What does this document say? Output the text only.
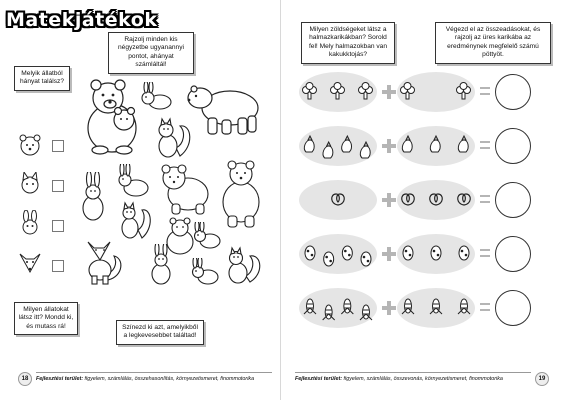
Matekjátékok
Rajzolj minden kis négyzetbe ugyanannyi pontot, ahányat számláltál!
Melyik állatból hányat találsz?
Milyen állatokat látsz itt? Mondd ki, és mutass rá!	Színezd ki azt, amelyikből a legkevesebbet találtad!
18	Fejlesztési terület: figyelem, számlálás, összehasonlítás, környezetismeret, finommotorika
Milyen zöldségeket látsz a halmazkarikákban? Sorold fel! Mely halmazokban van kakukktojás?
Végezd el az összeadásokat, és rajzolj az üres karikába az eredménynek megfelelő számú pöttyöt.
Fejlesztési terület: figyelem, számlálás, összevonás, környezetismeret, finommotorika	19
